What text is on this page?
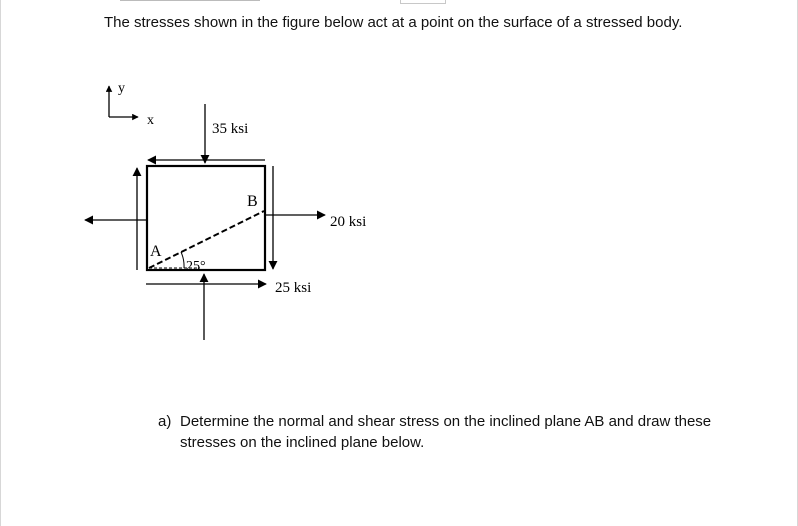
The stresses shown in the figure below act at a point on the surface of a stressed body.
y
x
A
B
25°
35 ksi
20 ksi
25 ksi
a) Determine the normal and shear stress on the inclined plane AB and draw these stresses on the inclined plane below.
